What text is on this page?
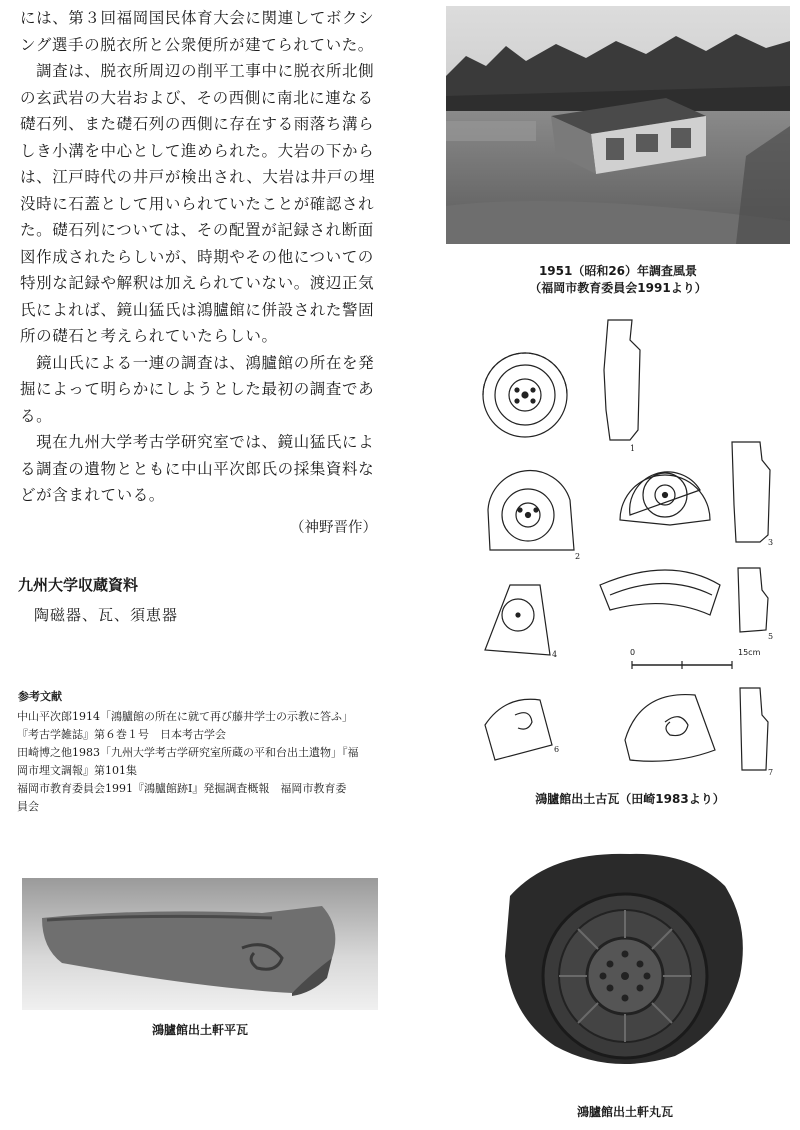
には、第３回福岡国民体育大会に関連してボクシ
ング選手の脱衣所と公衆便所が建てられていた。
　調査は、脱衣所周辺の削平工事中に脱衣所北側
の玄武岩の大岩および、その西側に南北に連なる
礎石列、また礎石列の西側に存在する雨落ち溝ら
しき小溝を中心として進められた。大岩の下から
は、江戸時代の井戸が検出され、大岩は井戸の埋
没時に石蓋として用いられていたことが確認され
た。礎石列については、その配置が記録され断面
図作成されたらしいが、時期やその他についての
特別な記録や解釈は加えられていない。渡辺正気
氏によれば、鏡山猛氏は鴻臚館に併設された警固
所の礎石と考えられていたらしい。
　鏡山氏による一連の調査は、鴻臚館の所在を発
掘によって明らかにしようとした最初の調査であ
る。
　現在九州大学考古学研究室では、鏡山猛氏によ
る調査の遺物とともに中山平次郎氏の採集資料な
どが含まれている。
（神野晋作）
九州大学収蔵資料
陶磁器、瓦、須恵器
参考文献
中山平次郎1914「鴻臚館の所在に就て再び藤井学士の示教に答ふ」
『考古学雑誌』第６巻１号　日本考古学会
田崎博之他1983「九州大学考古学研究室所蔵の平和台出土遺物」『福
岡市埋文調報』第101集
福岡市教育委員会1991『鴻臚館跡Ⅰ』発掘調査概報　福岡市教育委
員会
1951（昭和26）年調査風景
（福岡市教育委員会1991より）
1
2
3
4
5
6
7
0	15cm
鴻臚館出土古瓦（田崎1983より）
鴻臚館出土軒平瓦
鴻臚館出土軒丸瓦
